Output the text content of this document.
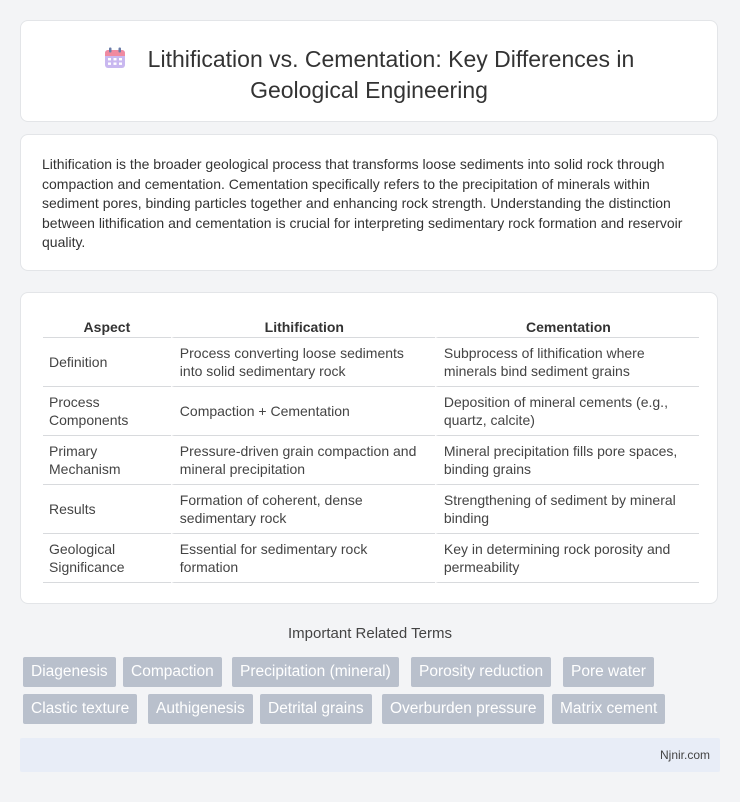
Lithification vs. Cementation: Key Differences in
Geological Engineering

Lithification is the broader geological process that transforms loose sediments into solid rock through compaction and cementation. Cementation specifically refers to the precipitation of minerals within sediment pores, binding particles together and enhancing rock strength. Understanding the distinction between lithification and cementation is crucial for interpreting sedimentary rock formation and reservoir quality.

Aspect	Lithification	Cementation
Definition	Process converting loose sediments into solid sedimentary rock	Subprocess of lithification where minerals bind sediment grains
Process Components	Compaction + Cementation	Deposition of mineral cements (e.g., quartz, calcite)
Primary Mechanism	Pressure-driven grain compaction and mineral precipitation	Mineral precipitation fills pore spaces, binding grains
Results	Formation of coherent, dense sedimentary rock	Strengthening of sediment by mineral binding
Geological Significance	Essential for sedimentary rock formation	Key in determining rock porosity and permeability
Important Related Terms
Diagenesis	Compaction	Precipitation (mineral)	Porosity reduction	Pore water
Clastic texture	Authigenesis	Detrital grains	Overburden pressure	Matrix cement
Njnir.com
